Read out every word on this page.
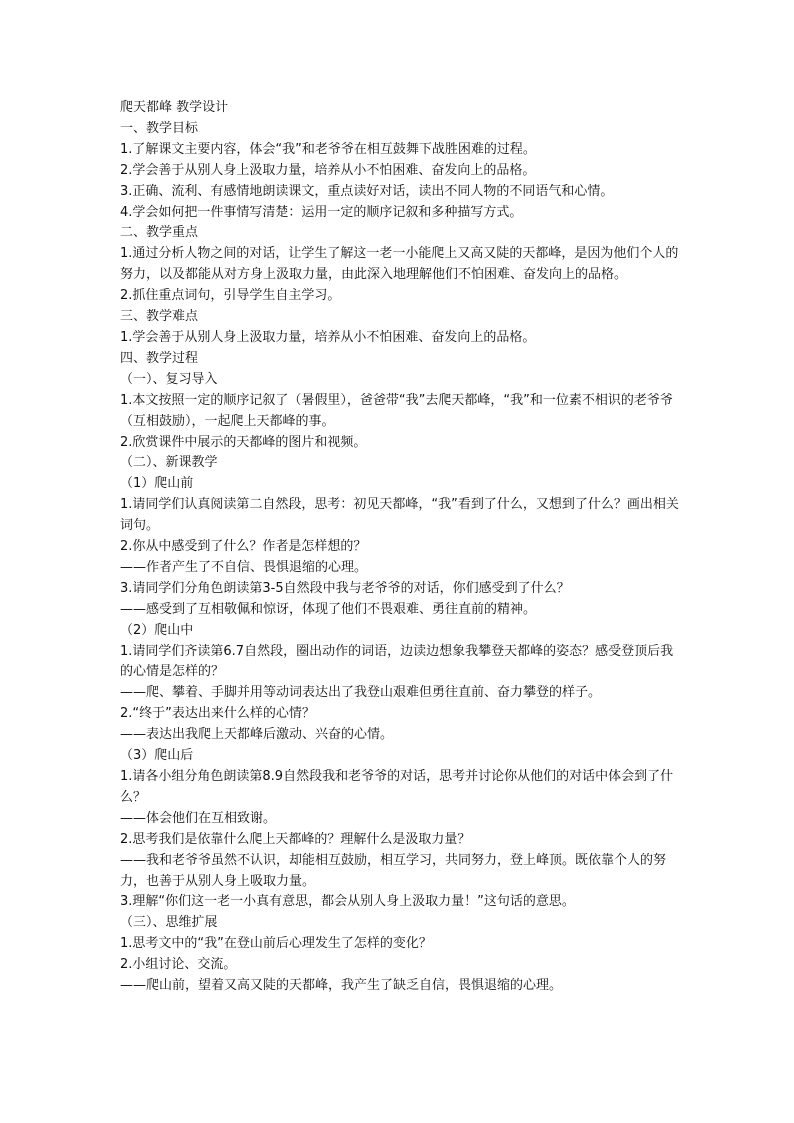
爬天都峰 教学设计
一、教学目标
1.了解课文主要内容，体会“我”和老爷爷在相互鼓舞下战胜困难的过程。
2.学会善于从别人身上汲取力量，培养从小不怕困难、奋发向上的品格。
3.正确、流利、有感情地朗读课文，重点读好对话，读出不同人物的不同语气和心情。
4.学会如何把一件事情写清楚：运用一定的顺序记叙和多种描写方式。
二、教学重点
1.通过分析人物之间的对话，让学生了解这一老一小能爬上又高又陡的天都峰，是因为他们个人的努力，以及都能从对方身上汲取力量，由此深入地理解他们不怕困难、奋发向上的品格。
2.抓住重点词句，引导学生自主学习。
三、教学难点
1.学会善于从别人身上汲取力量，培养从小不怕困难、奋发向上的品格。
四、教学过程
（一）、复习导入
1.本文按照一定的顺序记叙了（暑假里），爸爸带“我”去爬天都峰，“我”和一位素不相识的老爷爷（互相鼓励），一起爬上天都峰的事。
2.欣赏课件中展示的天都峰的图片和视频。
（二）、新课教学
（1）爬山前
1.请同学们认真阅读第二自然段，思考：初见天都峰，“我”看到了什么，又想到了什么？画出相关词句。
2.你从中感受到了什么？作者是怎样想的？
——作者产生了不自信、畏惧退缩的心理。
3.请同学们分角色朗读第3-5自然段中我与老爷爷的对话，你们感受到了什么？
——感受到了互相敬佩和惊讶，体现了他们不畏艰难、勇往直前的精神。
（2）爬山中
1.请同学们齐读第6.7自然段，圈出动作的词语，边读边想象我攀登天都峰的姿态？感受登顶后我的心情是怎样的？
——爬、攀着、手脚并用等动词表达出了我登山艰难但勇往直前、奋力攀登的样子。
2.“终于”表达出来什么样的心情？
——表达出我爬上天都峰后激动、兴奋的心情。
（3）爬山后
1.请各小组分角色朗读第8.9自然段我和老爷爷的对话，思考并讨论你从他们的对话中体会到了什么？
——体会他们在互相致谢。
2.思考我们是依靠什么爬上天都峰的？理解什么是汲取力量？
——我和老爷爷虽然不认识，却能相互鼓励，相互学习，共同努力，登上峰顶。既依靠个人的努力，也善于从别人身上吸取力量。
3.理解“你们这一老一小真有意思，都会从别人身上汲取力量！”这句话的意思。
（三）、思维扩展
1.思考文中的“我”在登山前后心理发生了怎样的变化？
2.小组讨论、交流。
——爬山前，望着又高又陡的天都峰，我产生了缺乏自信，畏惧退缩的心理。
